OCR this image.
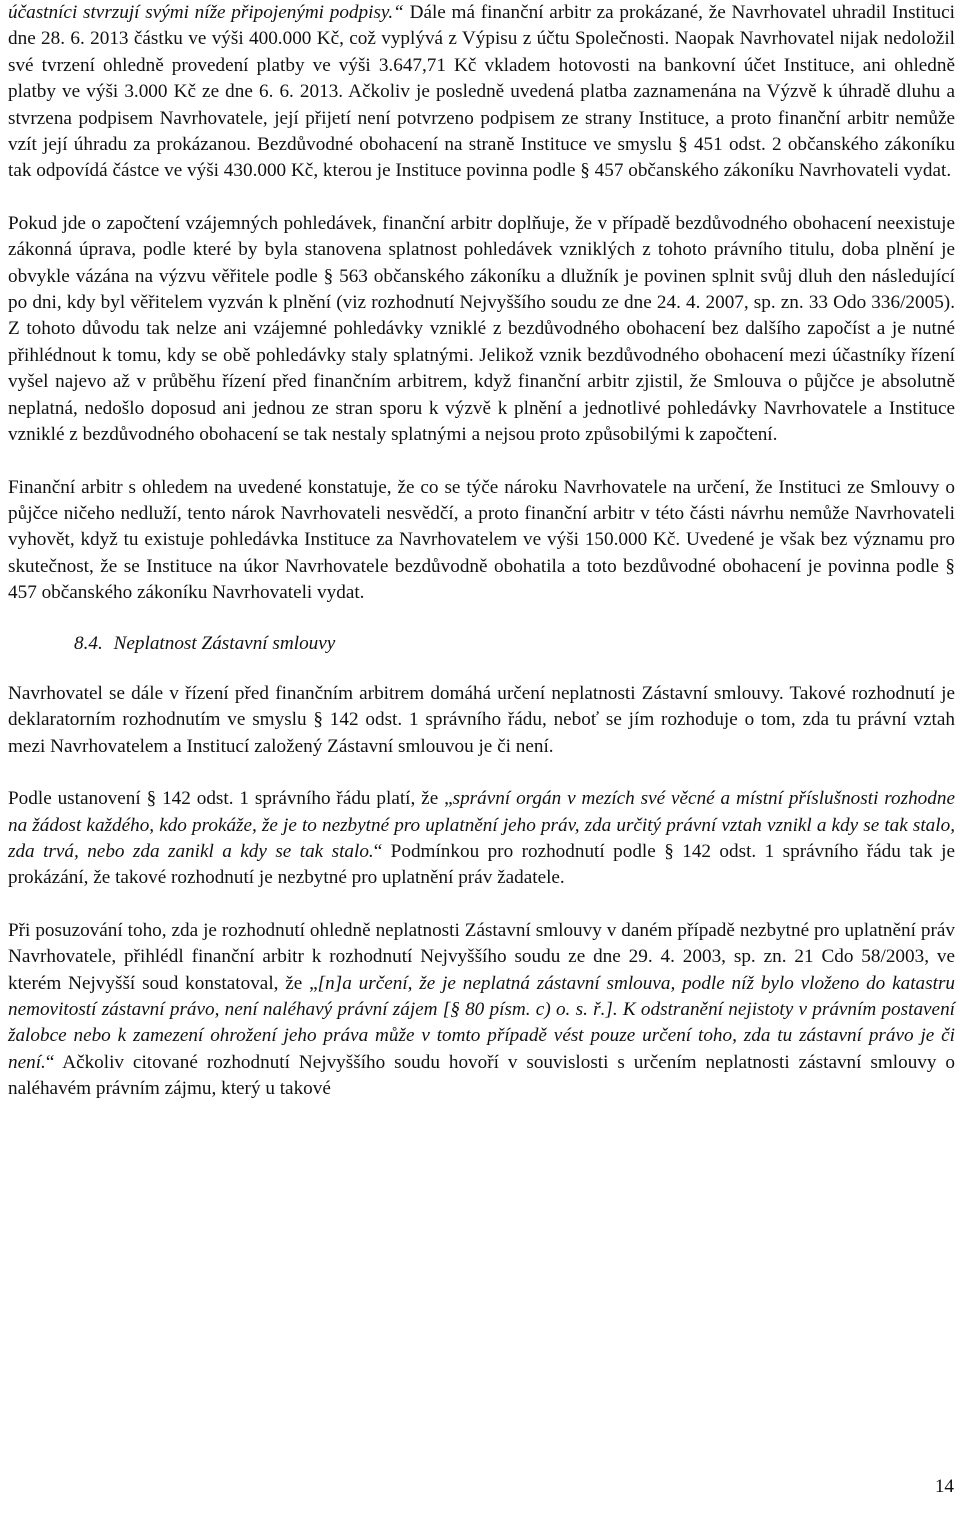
účastníci stvrzují svými níže připojenými podpisy.“ Dále má finanční arbitr za prokázané, že Navrhovatel uhradil Instituci dne 28. 6. 2013 částku ve výši 400.000 Kč, což vyplývá z Výpisu z účtu Společnosti. Naopak Navrhovatel nijak nedoložil své tvrzení ohledně provedení platby ve výši 3.647,71 Kč vkladem hotovosti na bankovní účet Instituce, ani ohledně platby ve výši 3.000 Kč ze dne 6. 6. 2013. Ačkoliv je posledně uvedená platba zaznamenána na Výzvě k úhradě dluhu a stvrzena podpisem Navrhovatele, její přijetí není potvrzeno podpisem ze strany Instituce, a proto finanční arbitr nemůže vzít její úhradu za prokázanou. Bezdůvodné obohacení na straně Instituce ve smyslu § 451 odst. 2 občanského zákoníku tak odpovídá částce ve výši 430.000 Kč, kterou je Instituce povinna podle § 457 občanského zákoníku Navrhovateli vydat.

Pokud jde o započtení vzájemných pohledávek, finanční arbitr doplňuje, že v případě bezdůvodného obohacení neexistuje zákonná úprava, podle které by byla stanovena splatnost pohledávek vzniklých z tohoto právního titulu, doba plnění je obvykle vázána na výzvu věřitele podle § 563 občanského zákoníku a dlužník je povinen splnit svůj dluh den následující po dni, kdy byl věřitelem vyzván k plnění (viz rozhodnutí Nejvyššího soudu ze dne 24. 4. 2007, sp. zn. 33 Odo 336/2005). Z tohoto důvodu tak nelze ani vzájemné pohledávky vzniklé z bezdůvodného obohacení bez dalšího započíst a je nutné přihlédnout k tomu, kdy se obě pohledávky staly splatnými. Jelikož vznik bezdůvodného obohacení mezi účastníky řízení vyšel najevo až v průběhu řízení před finančním arbitrem, když finanční arbitr zjistil, že Smlouva o půjčce je absolutně neplatná, nedošlo doposud ani jednou ze stran sporu k výzvě k plnění a jednotlivé pohledávky Navrhovatele a Instituce vzniklé z bezdůvodného obohacení se tak nestaly splatnými a nejsou proto způsobilými k započtení.

Finanční arbitr s ohledem na uvedené konstatuje, že co se týče nároku Navrhovatele na určení, že Instituci ze Smlouvy o půjčce ničeho nedluží, tento nárok Navrhovateli nesvědčí, a proto finanční arbitr v této části návrhu nemůže Navrhovateli vyhovět, když tu existuje pohledávka Instituce za Navrhovatelem ve výši 150.000 Kč. Uvedené je však bez významu pro skutečnost, že se Instituce na úkor Navrhovatele bezdůvodně obohatila a toto bezdůvodné obohacení je povinna podle § 457 občanského zákoníku Navrhovateli vydat.

8.4. Neplatnost Zástavní smlouvy

Navrhovatel se dále v řízení před finančním arbitrem domáhá určení neplatnosti Zástavní smlouvy. Takové rozhodnutí je deklaratorním rozhodnutím ve smyslu § 142 odst. 1 správního řádu, neboť se jím rozhoduje o tom, zda tu právní vztah mezi Navrhovatelem a Institucí založený Zástavní smlouvou je či není.

Podle ustanovení § 142 odst. 1 správního řádu platí, že „správní orgán v mezích své věcné a místní příslušnosti rozhodne na žádost každého, kdo prokáže, že je to nezbytné pro uplatnění jeho práv, zda určitý právní vztah vznikl a kdy se tak stalo, zda trvá, nebo zda zanikl a kdy se tak stalo.“ Podmínkou pro rozhodnutí podle § 142 odst. 1 správního řádu tak je prokázání, že takové rozhodnutí je nezbytné pro uplatnění práv žadatele.

Při posuzování toho, zda je rozhodnutí ohledně neplatnosti Zástavní smlouvy v daném případě nezbytné pro uplatnění práv Navrhovatele, přihlédl finanční arbitr k rozhodnutí Nejvyššího soudu ze dne 29. 4. 2003, sp. zn. 21 Cdo 58/2003, ve kterém Nejvyšší soud konstatoval, že „[n]a určení, že je neplatná zástavní smlouva, podle níž bylo vloženo do katastru nemovitostí zástavní právo, není naléhavý právní zájem [§ 80 písm. c) o. s. ř.]. K odstranění nejistoty v právním postavení žalobce nebo k zamezení ohrožení jeho práva může v tomto případě vést pouze určení toho, zda tu zástavní právo je či není.“ Ačkoliv citované rozhodnutí Nejvyššího soudu hovoří v souvislosti s určením neplatnosti zástavní smlouvy o naléhavém právním zájmu, který u takové

14
